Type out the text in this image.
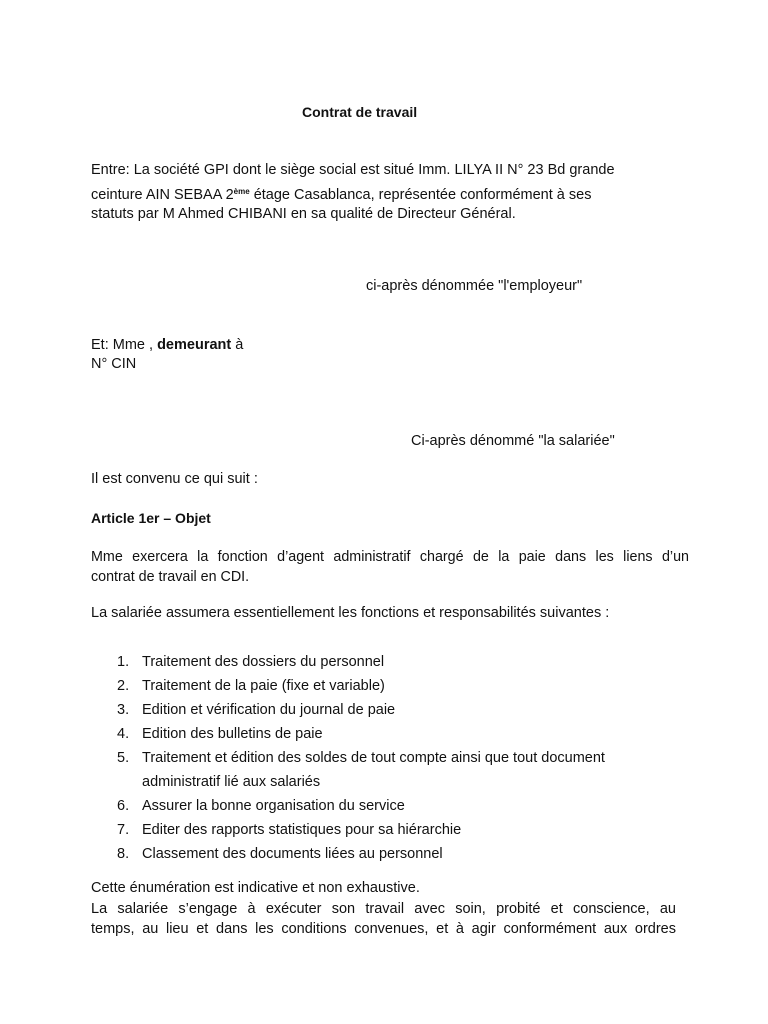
Contrat de travail
Entre: La société GPI dont le siège social est situé Imm. LILYA II N° 23 Bd grande
ceinture AIN SEBAA 2ème étage Casablanca, représentée conformément à ses
statuts par M Ahmed CHIBANI en sa qualité de Directeur Général.
ci-après dénommée "l'employeur"
Et: Mme , demeurant à
N° CIN
Ci-après dénommé "la salariée"
Il est convenu ce qui suit :
Article 1er – Objet
Mme exercera la fonction d’agent administratif chargé de la paie dans les liens d’un
contrat de travail en CDI.
La salariée assumera essentiellement les fonctions et responsabilités suivantes :
1. Traitement des dossiers du personnel
2. Traitement de la paie (fixe et variable)
3. Edition et vérification du journal de paie
4. Edition des bulletins de paie
5. Traitement et édition des soldes de tout compte ainsi que tout document
administratif lié aux salariés
6. Assurer la bonne organisation du service
7. Editer des rapports statistiques pour sa hiérarchie
8. Classement des documents liées au personnel
Cette énumération est indicative et non exhaustive.
La salariée s’engage à exécuter son travail avec soin, probité et conscience, au
temps, au lieu et dans les conditions convenues, et à agir conformément aux ordres
